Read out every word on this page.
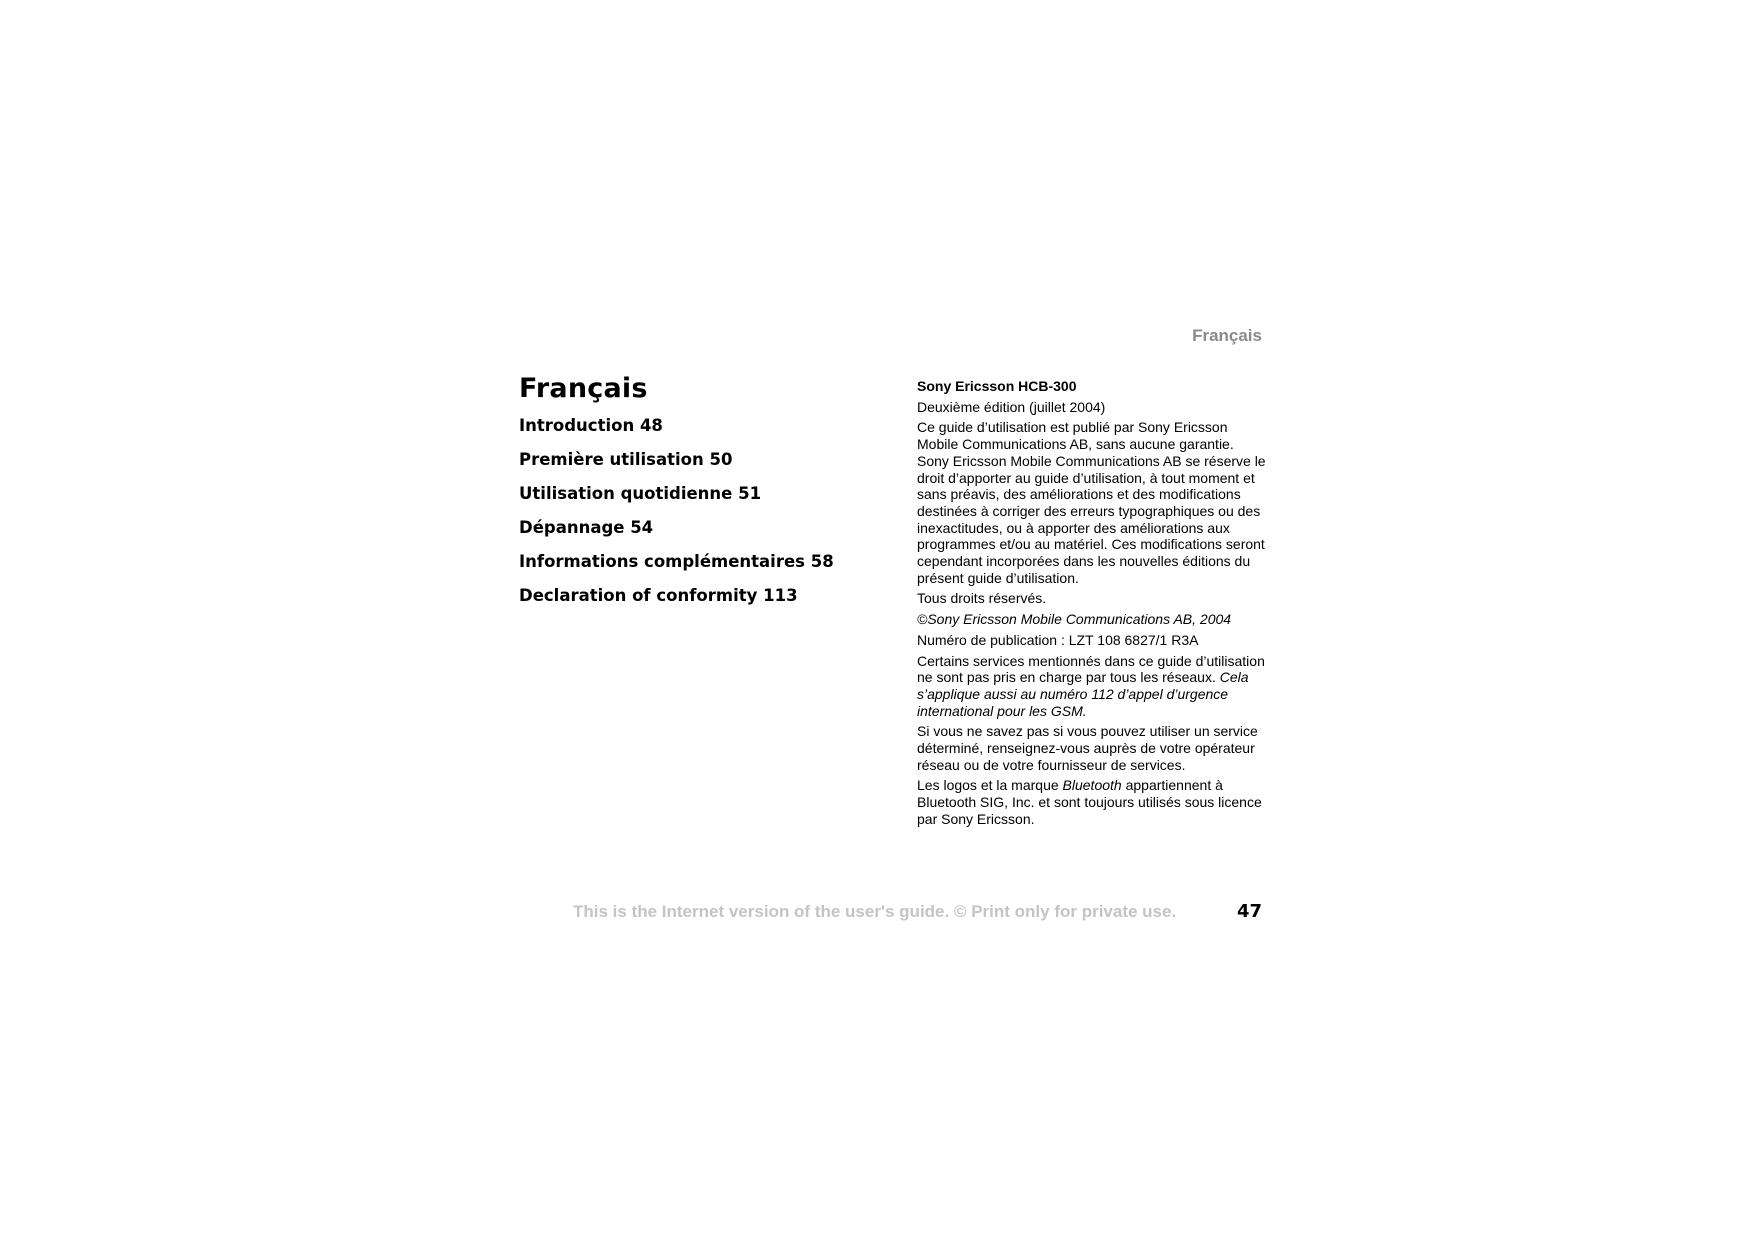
Français
Français
Introduction 48
Première utilisation 50
Utilisation quotidienne 51
Dépannage 54
Informations complémentaires 58
Declaration of conformity 113

Sony Ericsson HCB-300

Deuxième édition (juillet 2004)

Ce guide d’utilisation est publié par Sony Ericsson Mobile Communications AB, sans aucune garantie. Sony Ericsson Mobile Communications AB se réserve le droit d’apporter au guide d’utilisation, à tout moment et sans préavis, des améliorations et des modifications destinées à corriger des erreurs typographiques ou des inexactitudes, ou à apporter des améliorations aux programmes et/ou au matériel. Ces modifications seront cependant incorporées dans les nouvelles éditions du présent guide d’utilisation.

Tous droits réservés.

©Sony Ericsson Mobile Communications AB, 2004

Numéro de publication : LZT 108 6827/1 R3A

Certains services mentionnés dans ce guide d’utilisation ne sont pas pris en charge par tous les réseaux. Cela s’applique aussi au numéro 112 d’appel d’urgence international pour les GSM.

Si vous ne savez pas si vous pouvez utiliser un service déterminé, renseignez-vous auprès de votre opérateur réseau ou de votre fournisseur de services.

Les logos et la marque Bluetooth appartiennent à Bluetooth SIG, Inc. et sont toujours utilisés sous licence par Sony Ericsson.

This is the Internet version of the user's guide. © Print only for private use.	47
